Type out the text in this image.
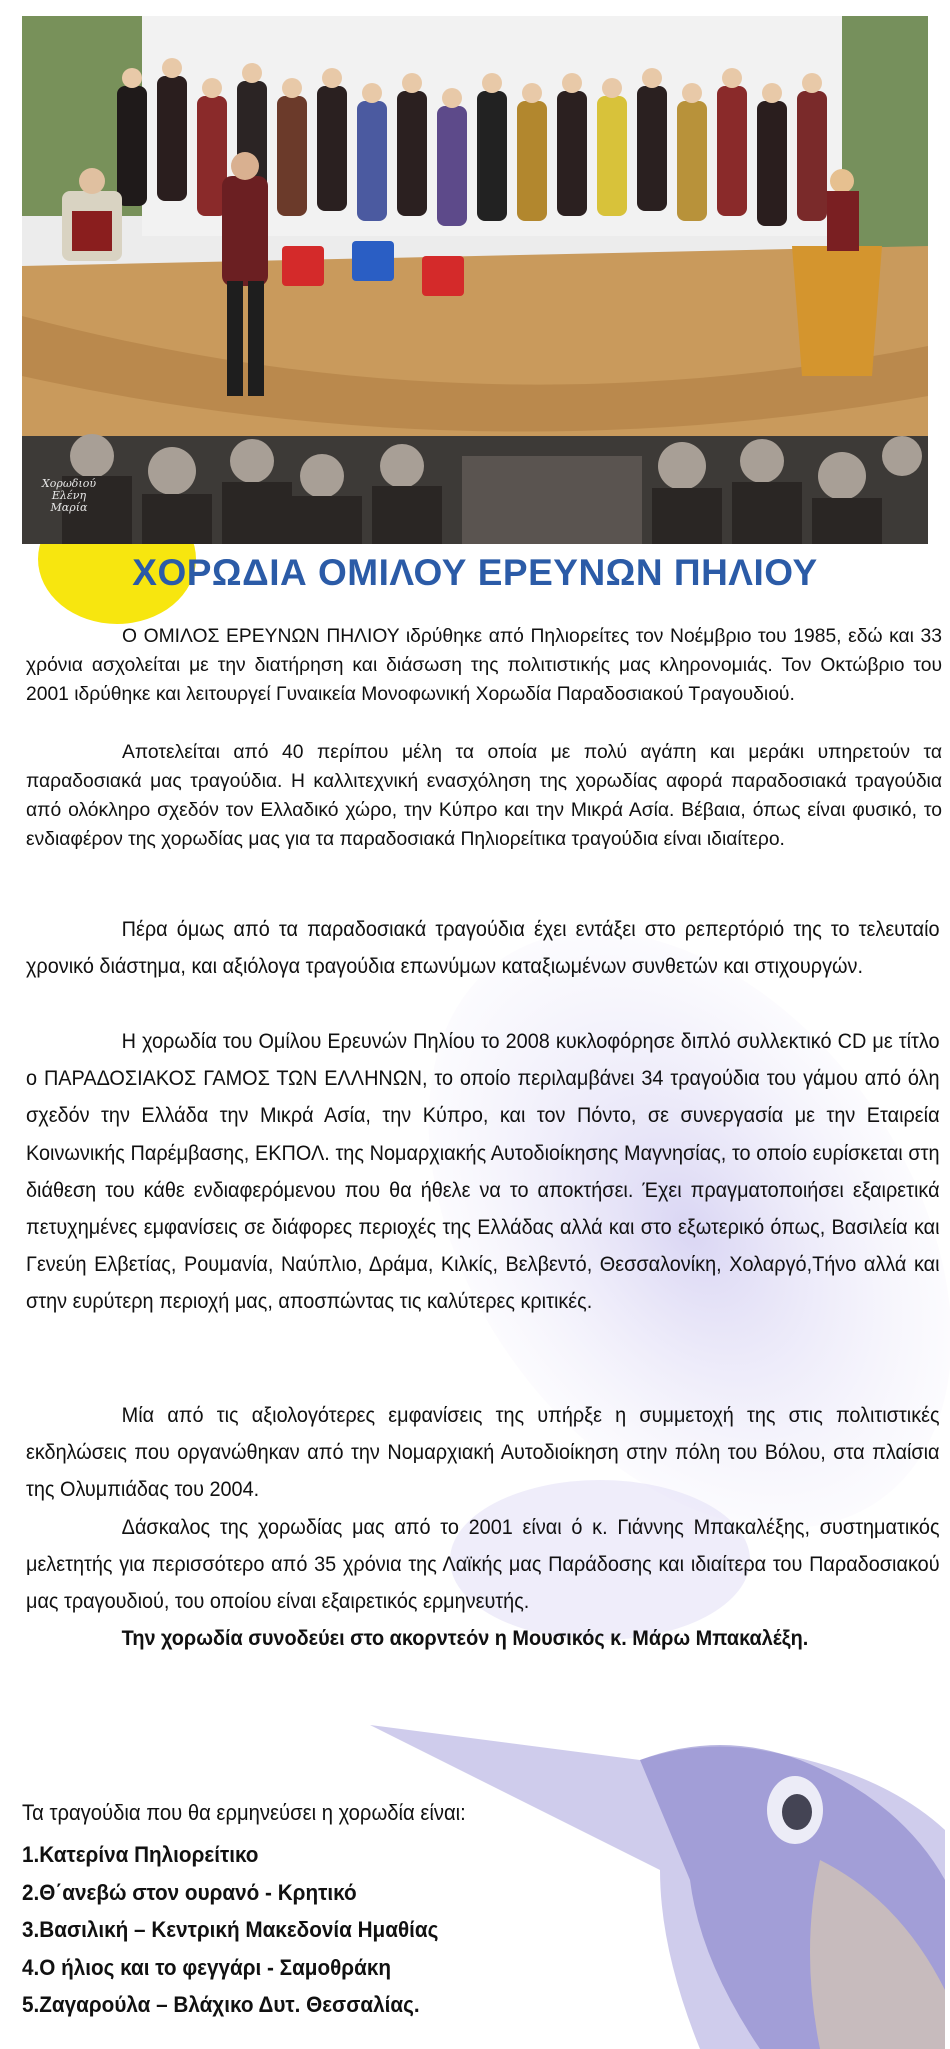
Χορωδιού
Ελένη Μαρία
ΧΟΡΩΔΙΑ ΟΜΙΛΟΥ ΕΡΕΥΝΩΝ ΠΗΛΙΟΥ

Ο ΟΜΙΛΟΣ ΕΡΕΥΝΩΝ ΠΗΛΙΟΥ ιδρύθηκε από Πηλιορείτες τον Νοέμβριο του 1985, εδώ και 33 χρόνια ασχολείται με την διατήρηση και διάσωση της πολιτιστικής μας κληρονομιάς. Τον Οκτώβριο του 2001 ιδρύθηκε και λειτουργεί Γυναικεία Μονοφωνική Χορωδία Παραδοσιακού Τραγουδιού.

Αποτελείται από 40 περίπου μέλη τα οποία με πολύ αγάπη και μεράκι υπηρετούν τα παραδοσιακά μας τραγούδια. Η καλλιτεχνική ενασχόληση της χορωδίας αφορά παραδοσιακά τραγούδια από ολόκληρο σχεδόν τον Ελλαδικό χώρο, την Κύπρο και την Μικρά Ασία. Βέβαια, όπως είναι φυσικό, το ενδιαφέρον της χορωδίας μας για τα παραδοσιακά Πηλιορείτικα τραγούδια είναι ιδιαίτερο.

Πέρα όμως από τα παραδοσιακά τραγούδια έχει εντάξει στο ρεπερτόριό της το τελευταίο χρονικό διάστημα, και αξιόλογα τραγούδια επωνύμων καταξιωμένων συνθετών και στιχουργών.

Η χορωδία του Ομίλου Ερευνών Πηλίου το 2008 κυκλοφόρησε διπλό συλλεκτικό CD με τίτλο ο ΠΑΡΑΔΟΣΙΑΚΟΣ ΓΑΜΟΣ ΤΩΝ ΕΛΛΗΝΩΝ, το οποίο περιλαμβάνει 34 τραγούδια του γάμου από όλη σχεδόν την Ελλάδα την Μικρά Ασία, την Κύπρο, και τον Πόντο, σε συνεργασία με την Εταιρεία Κοινωνικής Παρέμβασης, ΕΚΠΟΛ. της Νομαρχιακής Αυτοδιοίκησης Μαγνησίας, το οποίο ευρίσκεται στη διάθεση του κάθε ενδιαφερόμενου που θα ήθελε να το αποκτήσει. Έχει πραγματοποιήσει εξαιρετικά πετυχημένες εμφανίσεις σε διάφορες περιοχές της Ελλάδας αλλά και στο εξωτερικό όπως, Βασιλεία και Γενεύη Ελβετίας, Ρουμανία, Ναύπλιο, Δράμα, Κιλκίς, Βελβεντό, Θεσσαλονίκη, Χολαργό,Τήνο αλλά και στην ευρύτερη περιοχή μας, αποσπώντας τις καλύτερες κριτικές.

Μία από τις αξιολογότερες εμφανίσεις της υπήρξε η συμμετοχή της στις πολιτιστικές εκδηλώσεις που οργανώθηκαν από την Νομαρχιακή Αυτοδιοίκηση στην πόλη του Βόλου, στα πλαίσια της Ολυμπιάδας του 2004.

Δάσκαλος της χορωδίας μας από το 2001 είναι ό κ. Γιάννης Μπακαλέξης, συστηματικός μελετητής για περισσότερο από 35 χρόνια της Λαϊκής μας Παράδοσης και ιδιαίτερα του Παραδοσιακού μας τραγουδιού, του οποίου είναι εξαιρετικός ερμηνευτής.

Την χορωδία συνοδεύει στο ακορντεόν η Μουσικός κ. Μάρω Μπακαλέξη.

Τα τραγούδια που θα ερμηνεύσει η χορωδία είναι:

1.Κατερίνα Πηλιορείτικο
2.Θ΄ανεβώ στον ουρανό - Κρητικό
3.Βασιλική – Κεντρική Μακεδονία Ημαθίας
4.Ο ήλιος και το φεγγάρι - Σαμοθράκη
5.Ζαγαρούλα – Βλάχικο Δυτ. Θεσσαλίας.
